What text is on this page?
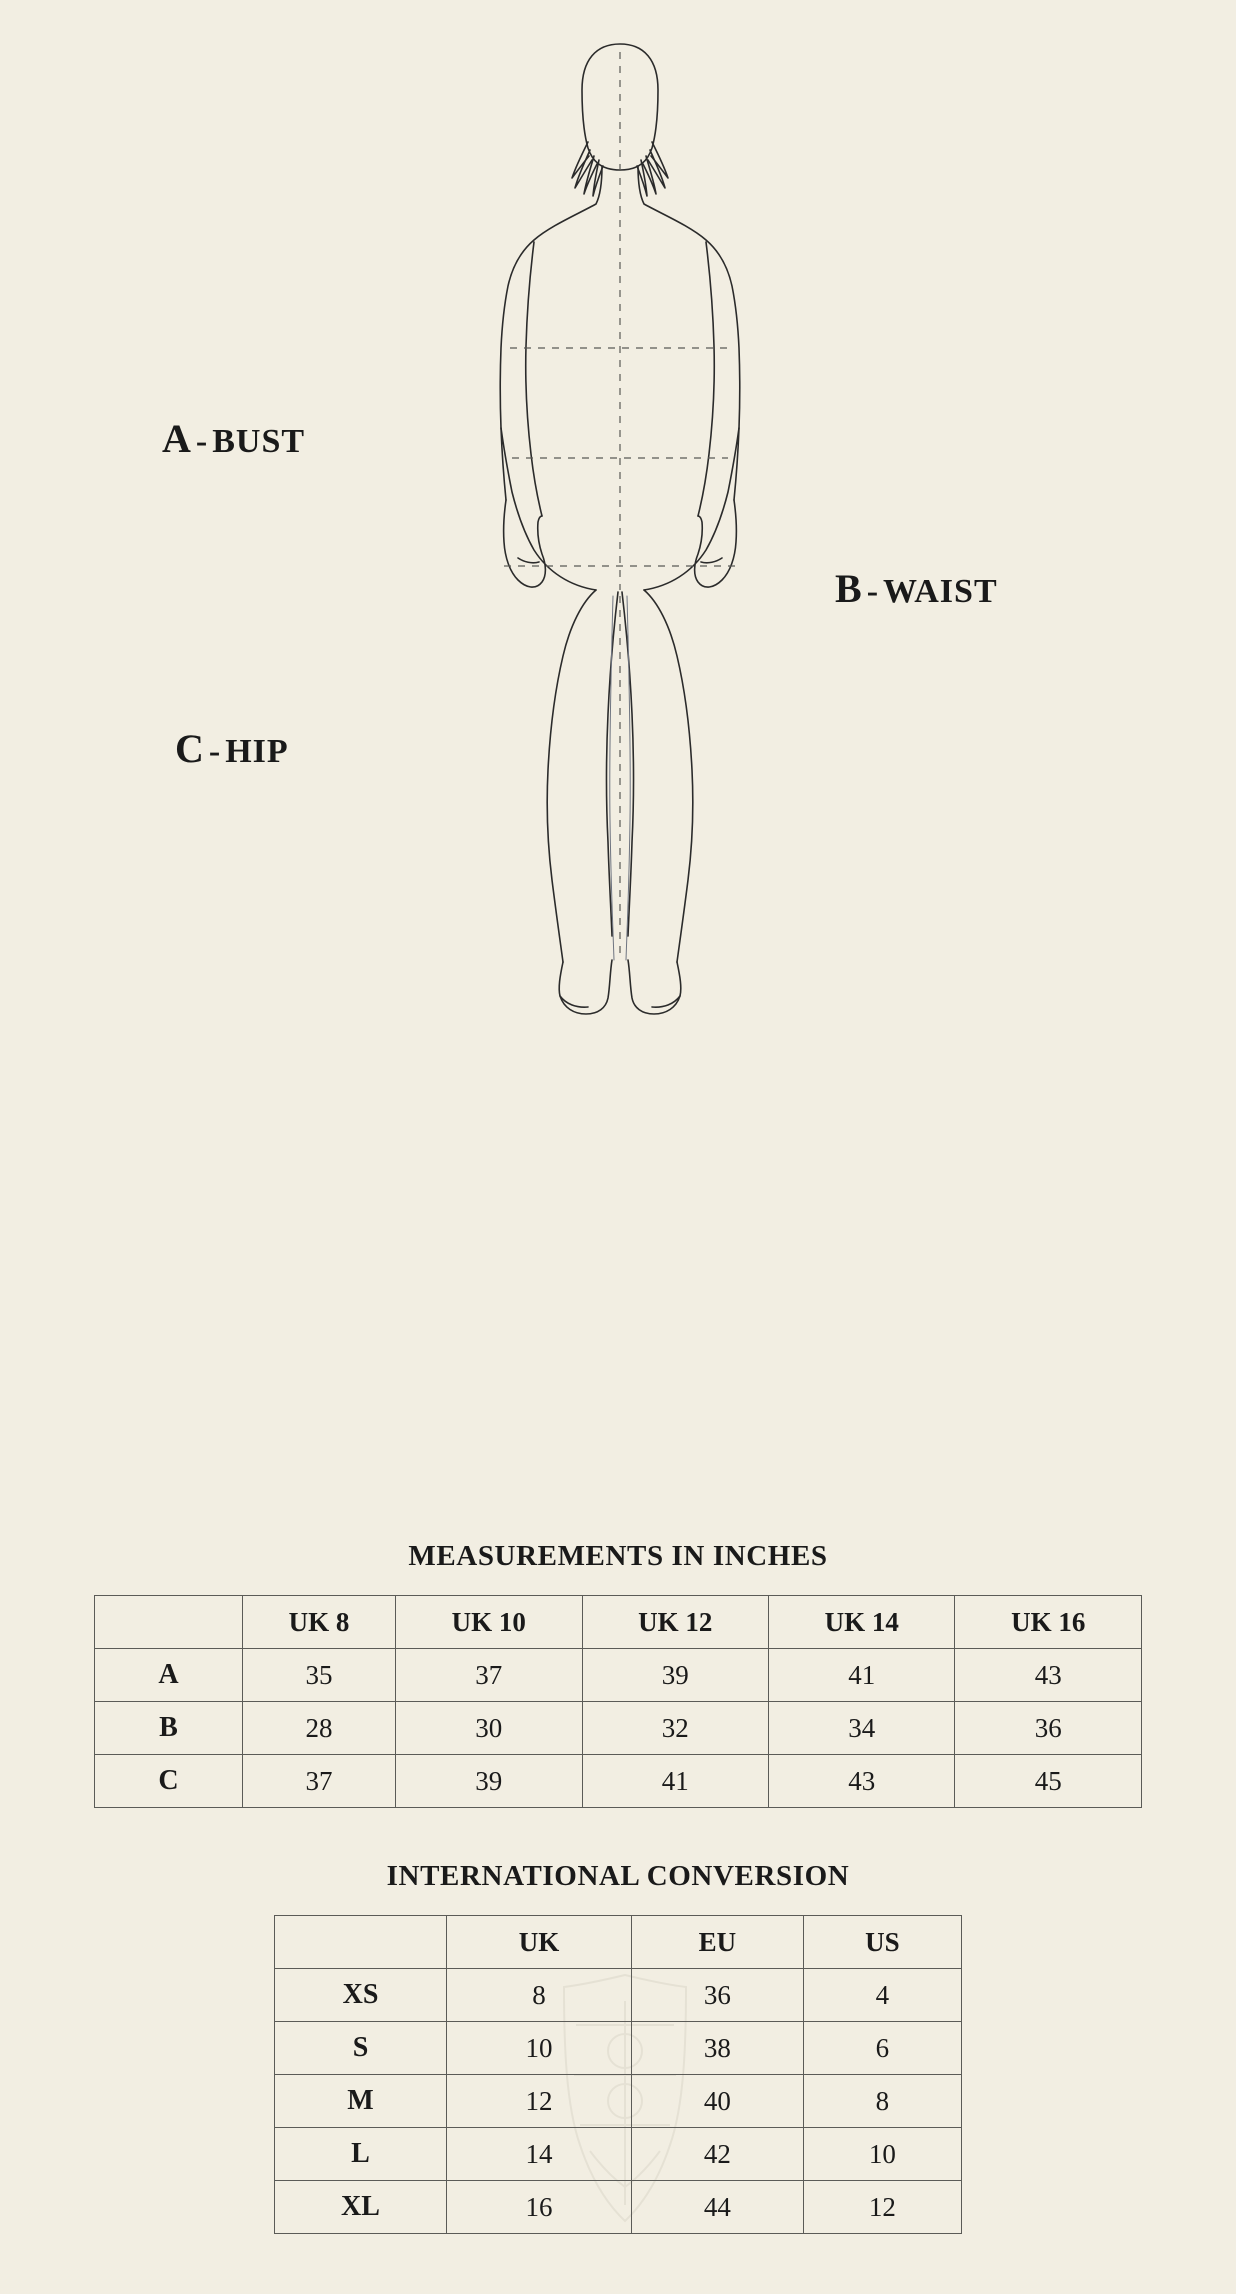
A - BUST
B - WAIST
C - HIP
MEASUREMENTS IN INCHES
	UK 8	UK 10	UK 12	UK 14	UK 16
A	35	37	39	41	43
B	28	30	32	34	36
C	37	39	41	43	45
INTERNATIONAL CONVERSION
	UK	EU	US
XS	8	36	4
S	10	38	6
M	12	40	8
L	14	42	10
XL	16	44	12
